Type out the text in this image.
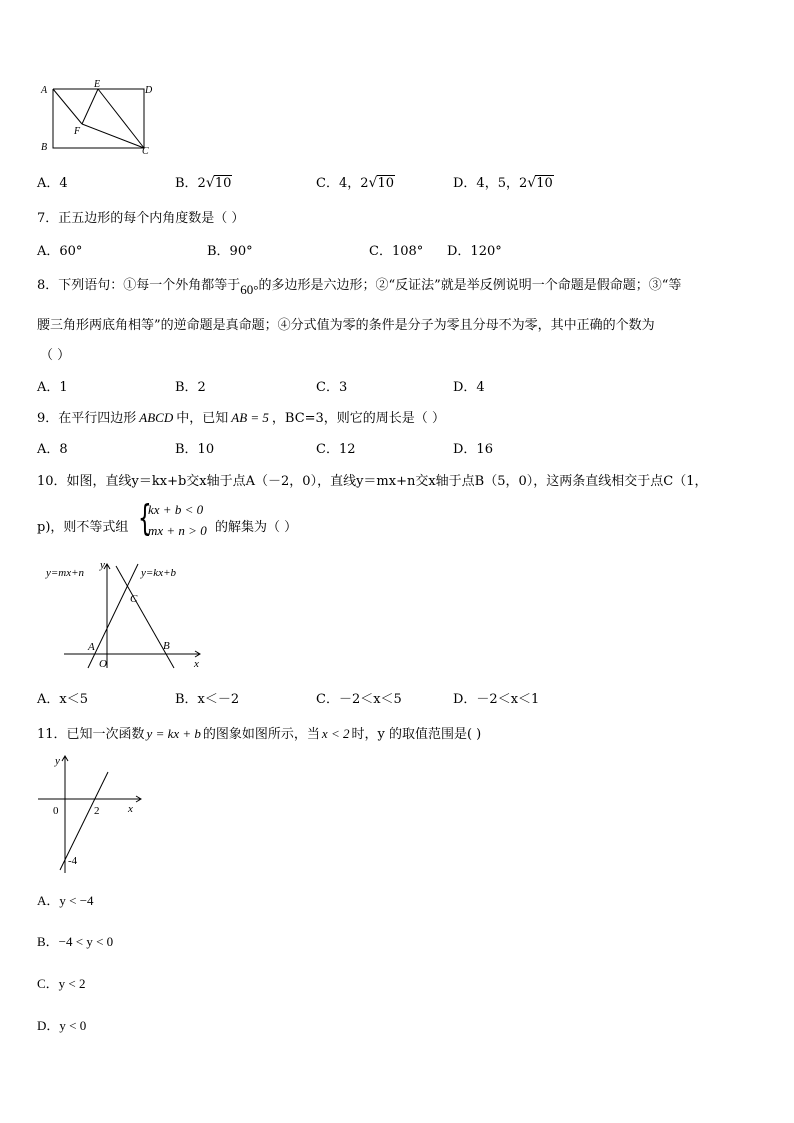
A
E
D
F
B	C
A．4	B．2 √ 10	C．4，2 √ 10	D．4，5，2 √ 10
7．正五边形的每个内角度数是（ ）
A．60°	B．90°	C．108° D．120°
8．下列语句：①每一个外角都等于60°的多边形是六边形；②“反证法”就是举反例说明一个命题是假命题；③“等
腰三角形两底角相等”的逆命题是真命题；④分式值为零的条件是分子为零且分母不为零，其中正确的个数为
（ ）
A．1	B．2	C．3	D．4
9．在平行四边形 ABCD 中，已知 AB = 5 ，BC=3，则它的周长是（ ）
A．8	B．10	C．12	D．16
10．如图，直线y＝kx+b交x轴于点A（－2，0），直线y＝mx+n交x轴于点B（5，0），这两条直线相交于点C（1，
p)，则不等式组 {
kx + b < 0
mx + n > 0 的解集为（ ）
y=mx+n
y
y=kx+b
C
A	B
O	x
A．x＜5	B．x＜－2	C．－2＜x＜5	D．－2＜x＜1
11．已知一次函数 y = kx + b 的图象如图所示，当 x < 2 时，y 的取值范围是( )
y
0	2	x
-4
A．y < −4
B．−4 < y < 0
C．y < 2
D．y < 0
